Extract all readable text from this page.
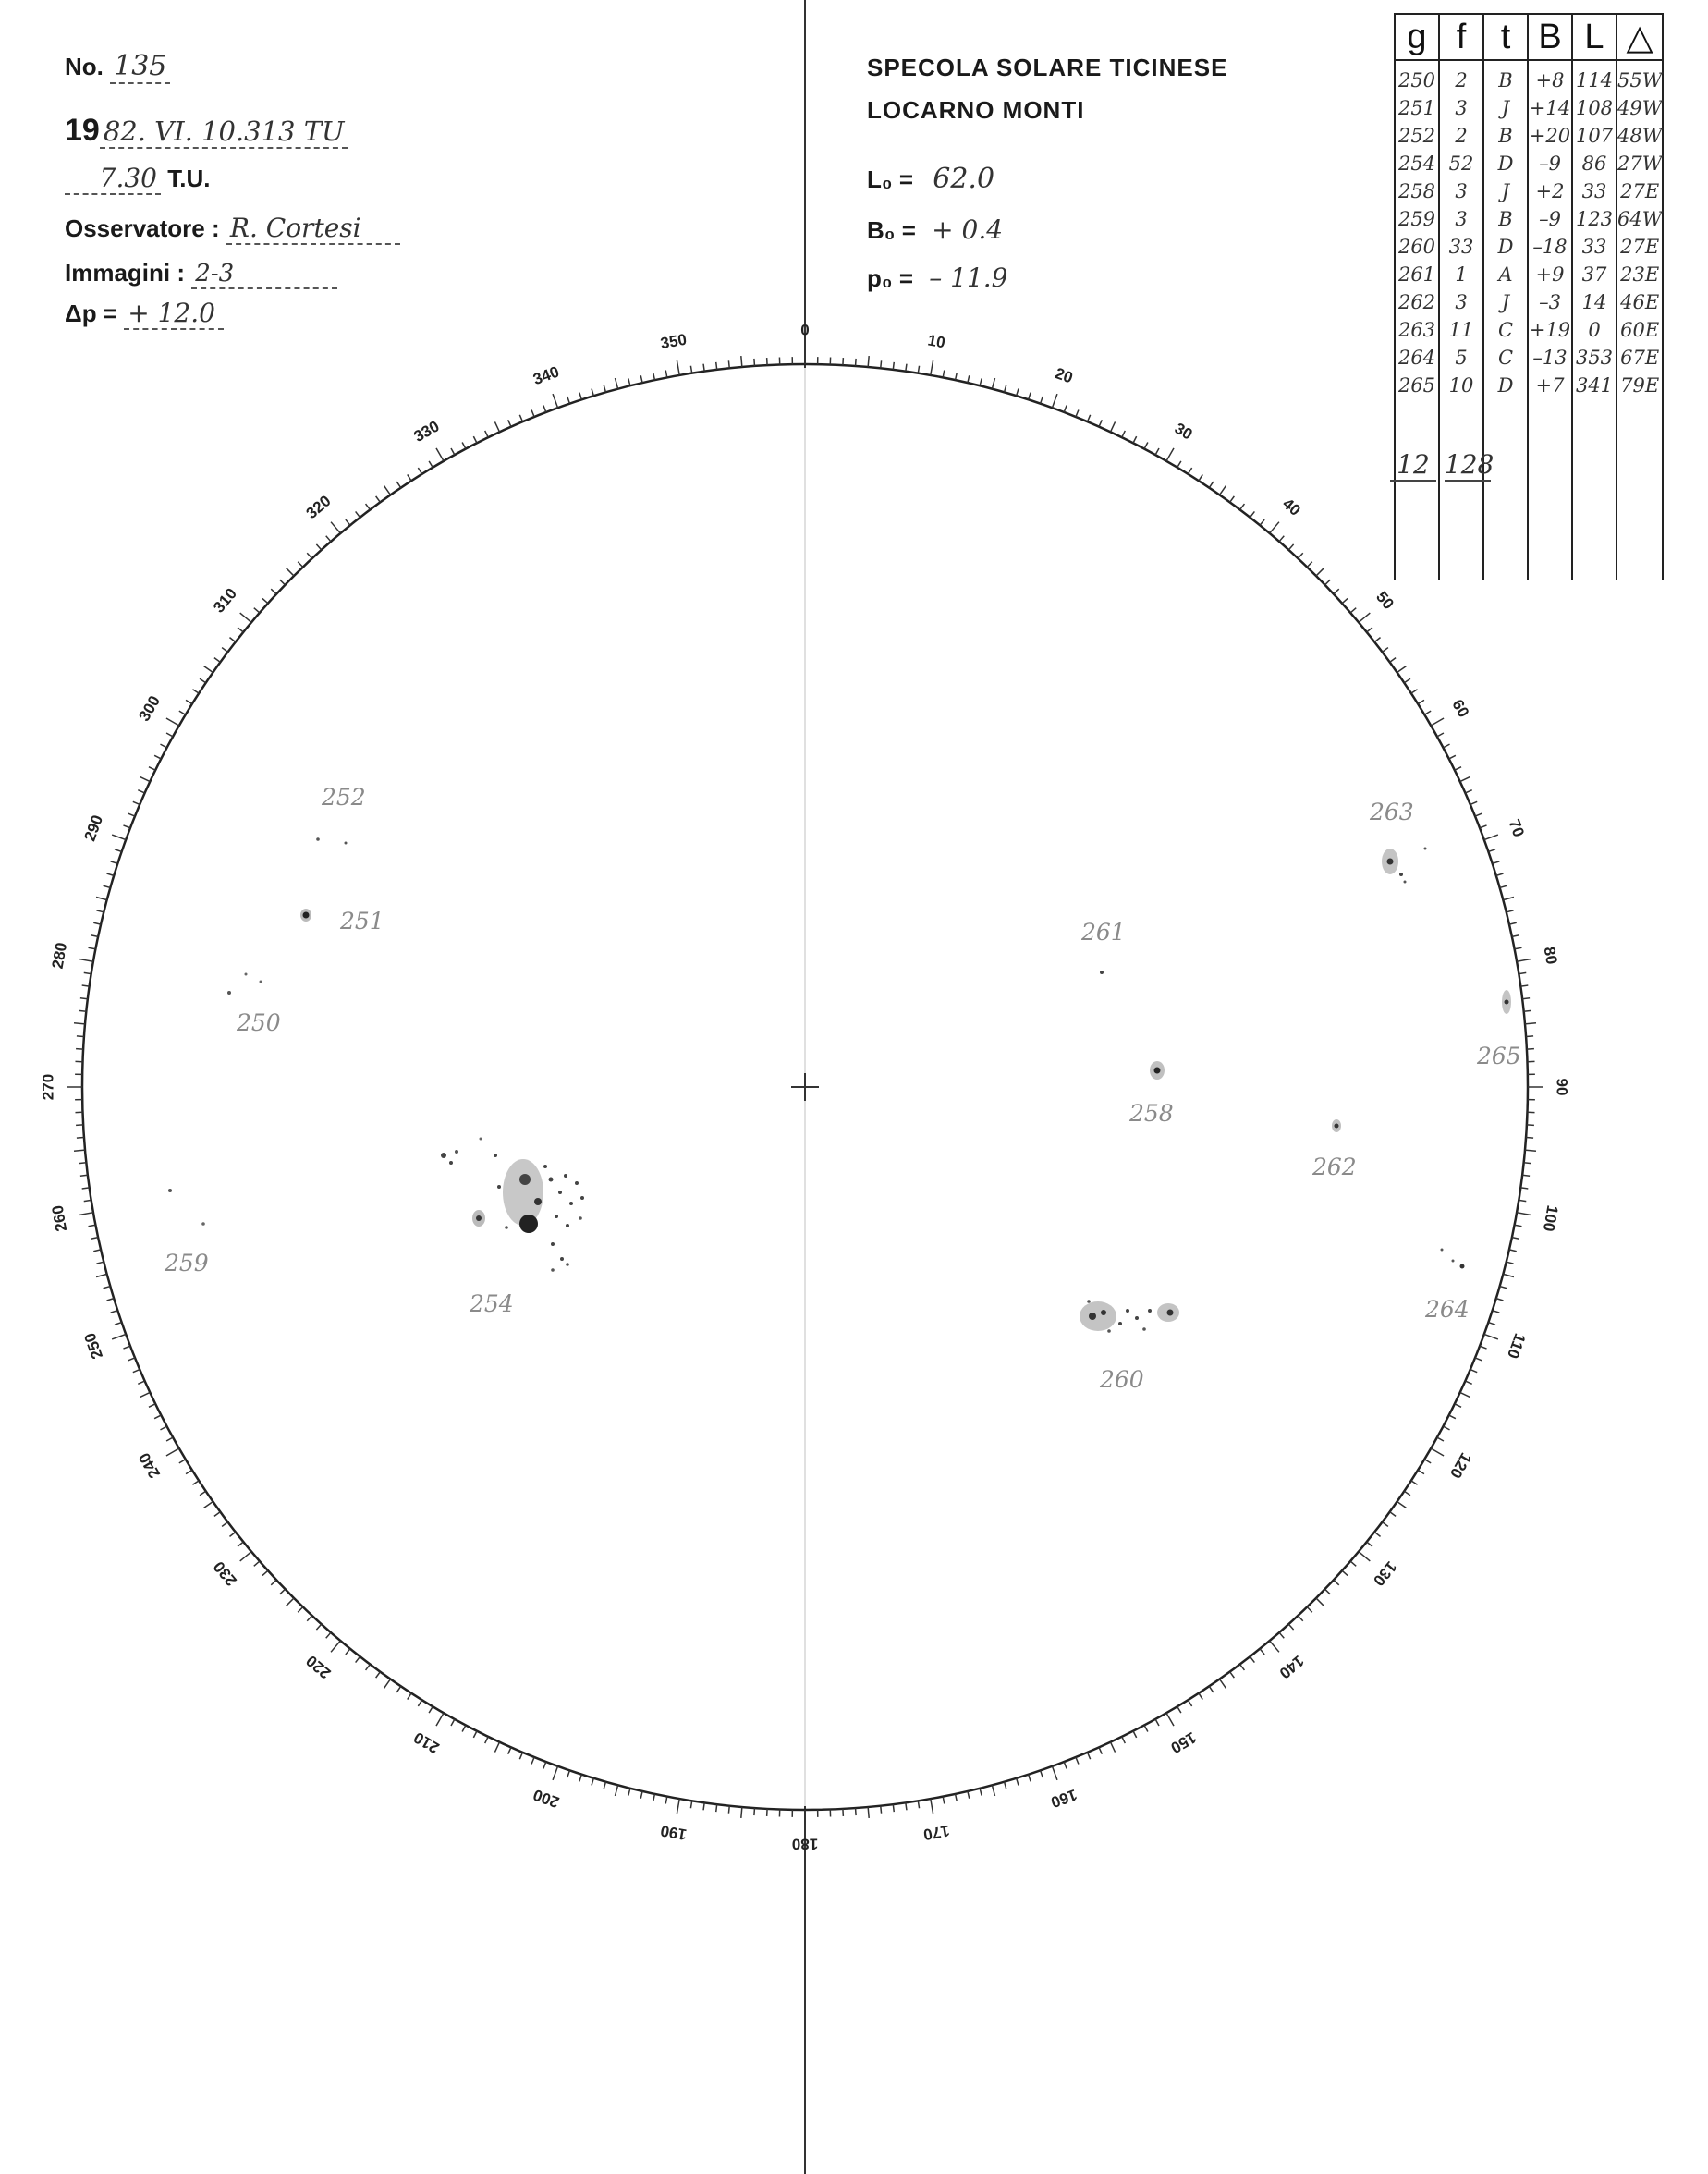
No. 135
19 82. VI. 10.313 TU
7.30 T.U.
Osservatore : R. Cortesi
Immagini : 2-3
Δp = + 12.0
SPECOLA SOLARE TICINESE
LOCARNO MONTI
L₀ = 62.0
B₀ = + 0.4
p₀ = – 11.9
g	f	t	B	L	△
250	2	B	+8	114	55W
251	3	J	+14	108	49W
252	2	B	+20	107	48W
254	52	D	–9	86	27W
258	3	J	+2	33	27E
259	3	B	–9	123	64W
260	33	D	–18	33	27E
261	1	A	+9	37	23E
262	3	J	–3	14	46E
263	11	C	+19	0	60E
264	5	C	–13	353	67E
265	10	D	+7	341	79E

12 128
0
10
20
30
40
50
60
70
80
90
100
110
120
130
140
150
160
170
180
190
200
210
220
230
240
250
260
270
280
290
300
310
320
330
340
350
250
251
252
254
258
259
260
261
262
263
264
265
